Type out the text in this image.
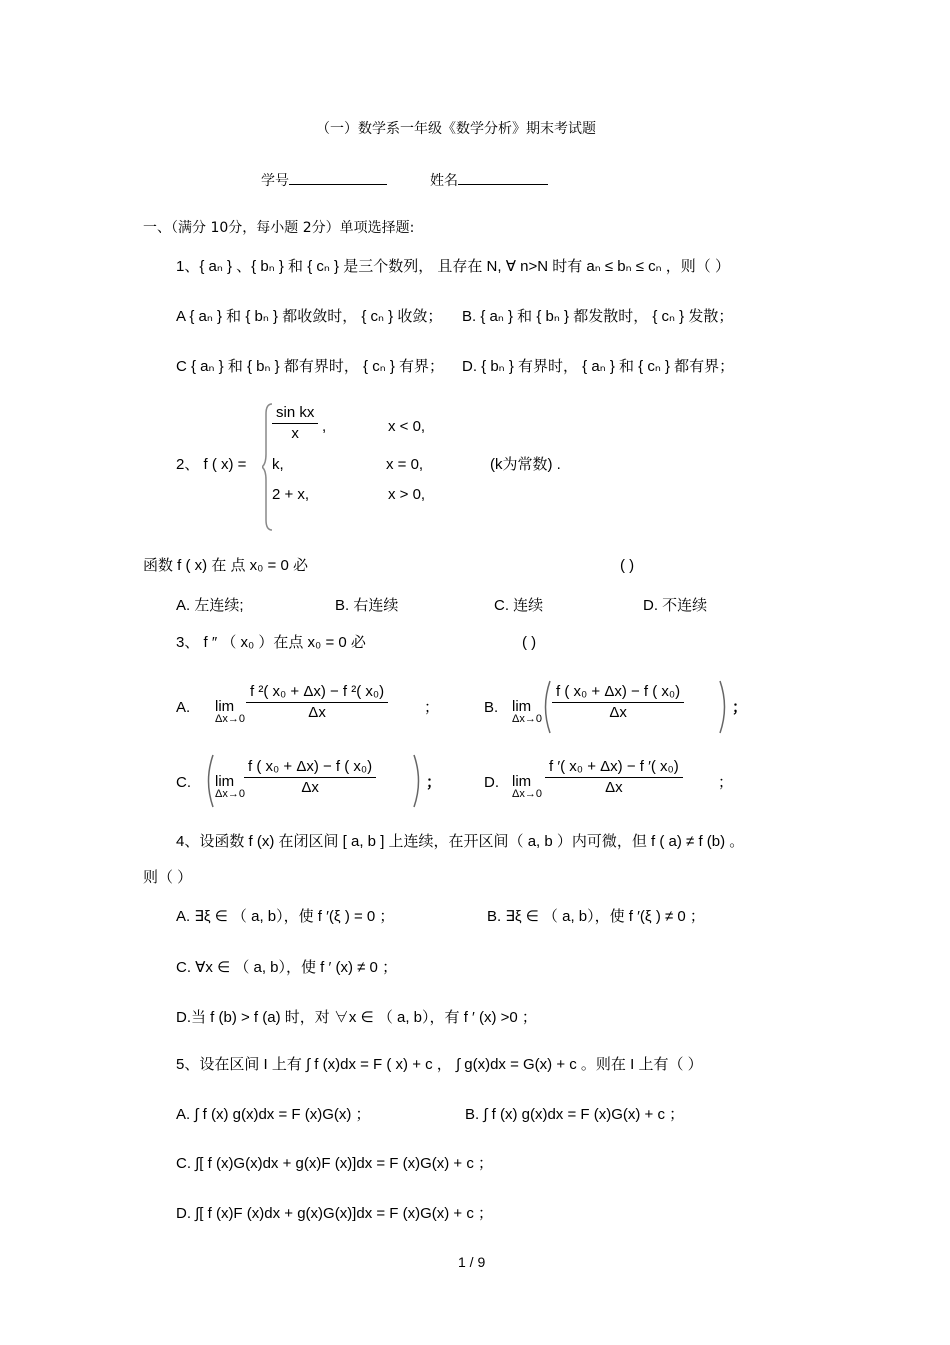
（一）数学系一年级《数学分析》期末考试题
学号	姓名
一、（满分 10分，每小题 2分）单项选择题:
1、{ aₙ } 、{ bₙ } 和 { cₙ } 是三个数列， 且存在 N, ∀ n>N 时有 aₙ ≤ bₙ ≤ cₙ ，则（ ）
A { aₙ } 和 { bₙ } 都收敛时， { cₙ } 收敛； B. { aₙ } 和 { bₙ } 都发散时， { cₙ } 发散；
C { aₙ } 和 { bₙ } 都有界时， { cₙ } 有界； D. { bₙ } 有界时， { aₙ } 和 { cₙ } 都有界；
2、 f ( x) =
$\frac{\text{sin kx}}{x}$ ,	x < 0,
k,	x = 0,	(k为常数) .
2 + x,	x > 0,
函数 f ( x) 在 点 x₀ = 0 必	( )
A. 左连续;	B. 右连续	C. 连续	D. 不连续
3、 f ″ （ x₀ ）在点 x₀ = 0 必	( )
A. lim
$\Delta x\to 0 \frac{\text{f ²( x₀ + Δx) − f ²( x₀)}}{\Delta x}$ ；	B. lim
$\Delta x\to 0 \frac{\text{f ( x₀ + Δx) − f ( x₀)}}{\Delta x}$	；
C. lim
$\Delta x\to 0 \frac{\text{f ( x₀ + Δx) − f ( x₀)}}{\Delta x}$	；	D. lim
$\Delta x\to 0 \frac{\text{f ′( x₀ + Δx) − f ′( x₀)}}{\Delta x}$ ；
4、设函数 f (x) 在闭区间 [ a, b ] 上连续，在开区间（ a, b ）内可微，但 f ( a) ≠ f (b) 。
则（ ）
A. ∃ξ ∈ （ a, b），使 f ′(ξ ) = 0 ；	B. ∃ξ ∈ （ a, b），使 f ′(ξ ) ≠ 0 ；
C. ∀x ∈ （ a, b），使 f ′ (x) ≠ 0 ；
D.当 f (b) > f (a) 时，对 ∀x ∈ （ a, b），有 f ′ (x) >0 ；
5、设在区间 I 上有 ∫ f (x)dx = F ( x) + c ， ∫ g(x)dx = G(x) + c 。则在 I 上有（ ）
A. ∫ f (x) g(x)dx = F (x)G(x) ；	B. ∫ f (x) g(x)dx = F (x)G(x) + c ；
C. ∫[ f (x)G(x)dx + g(x)F (x)]dx = F (x)G(x) + c ；
D. ∫[ f (x)F (x)dx + g(x)G(x)]dx = F (x)G(x) + c ；
1 / 9
